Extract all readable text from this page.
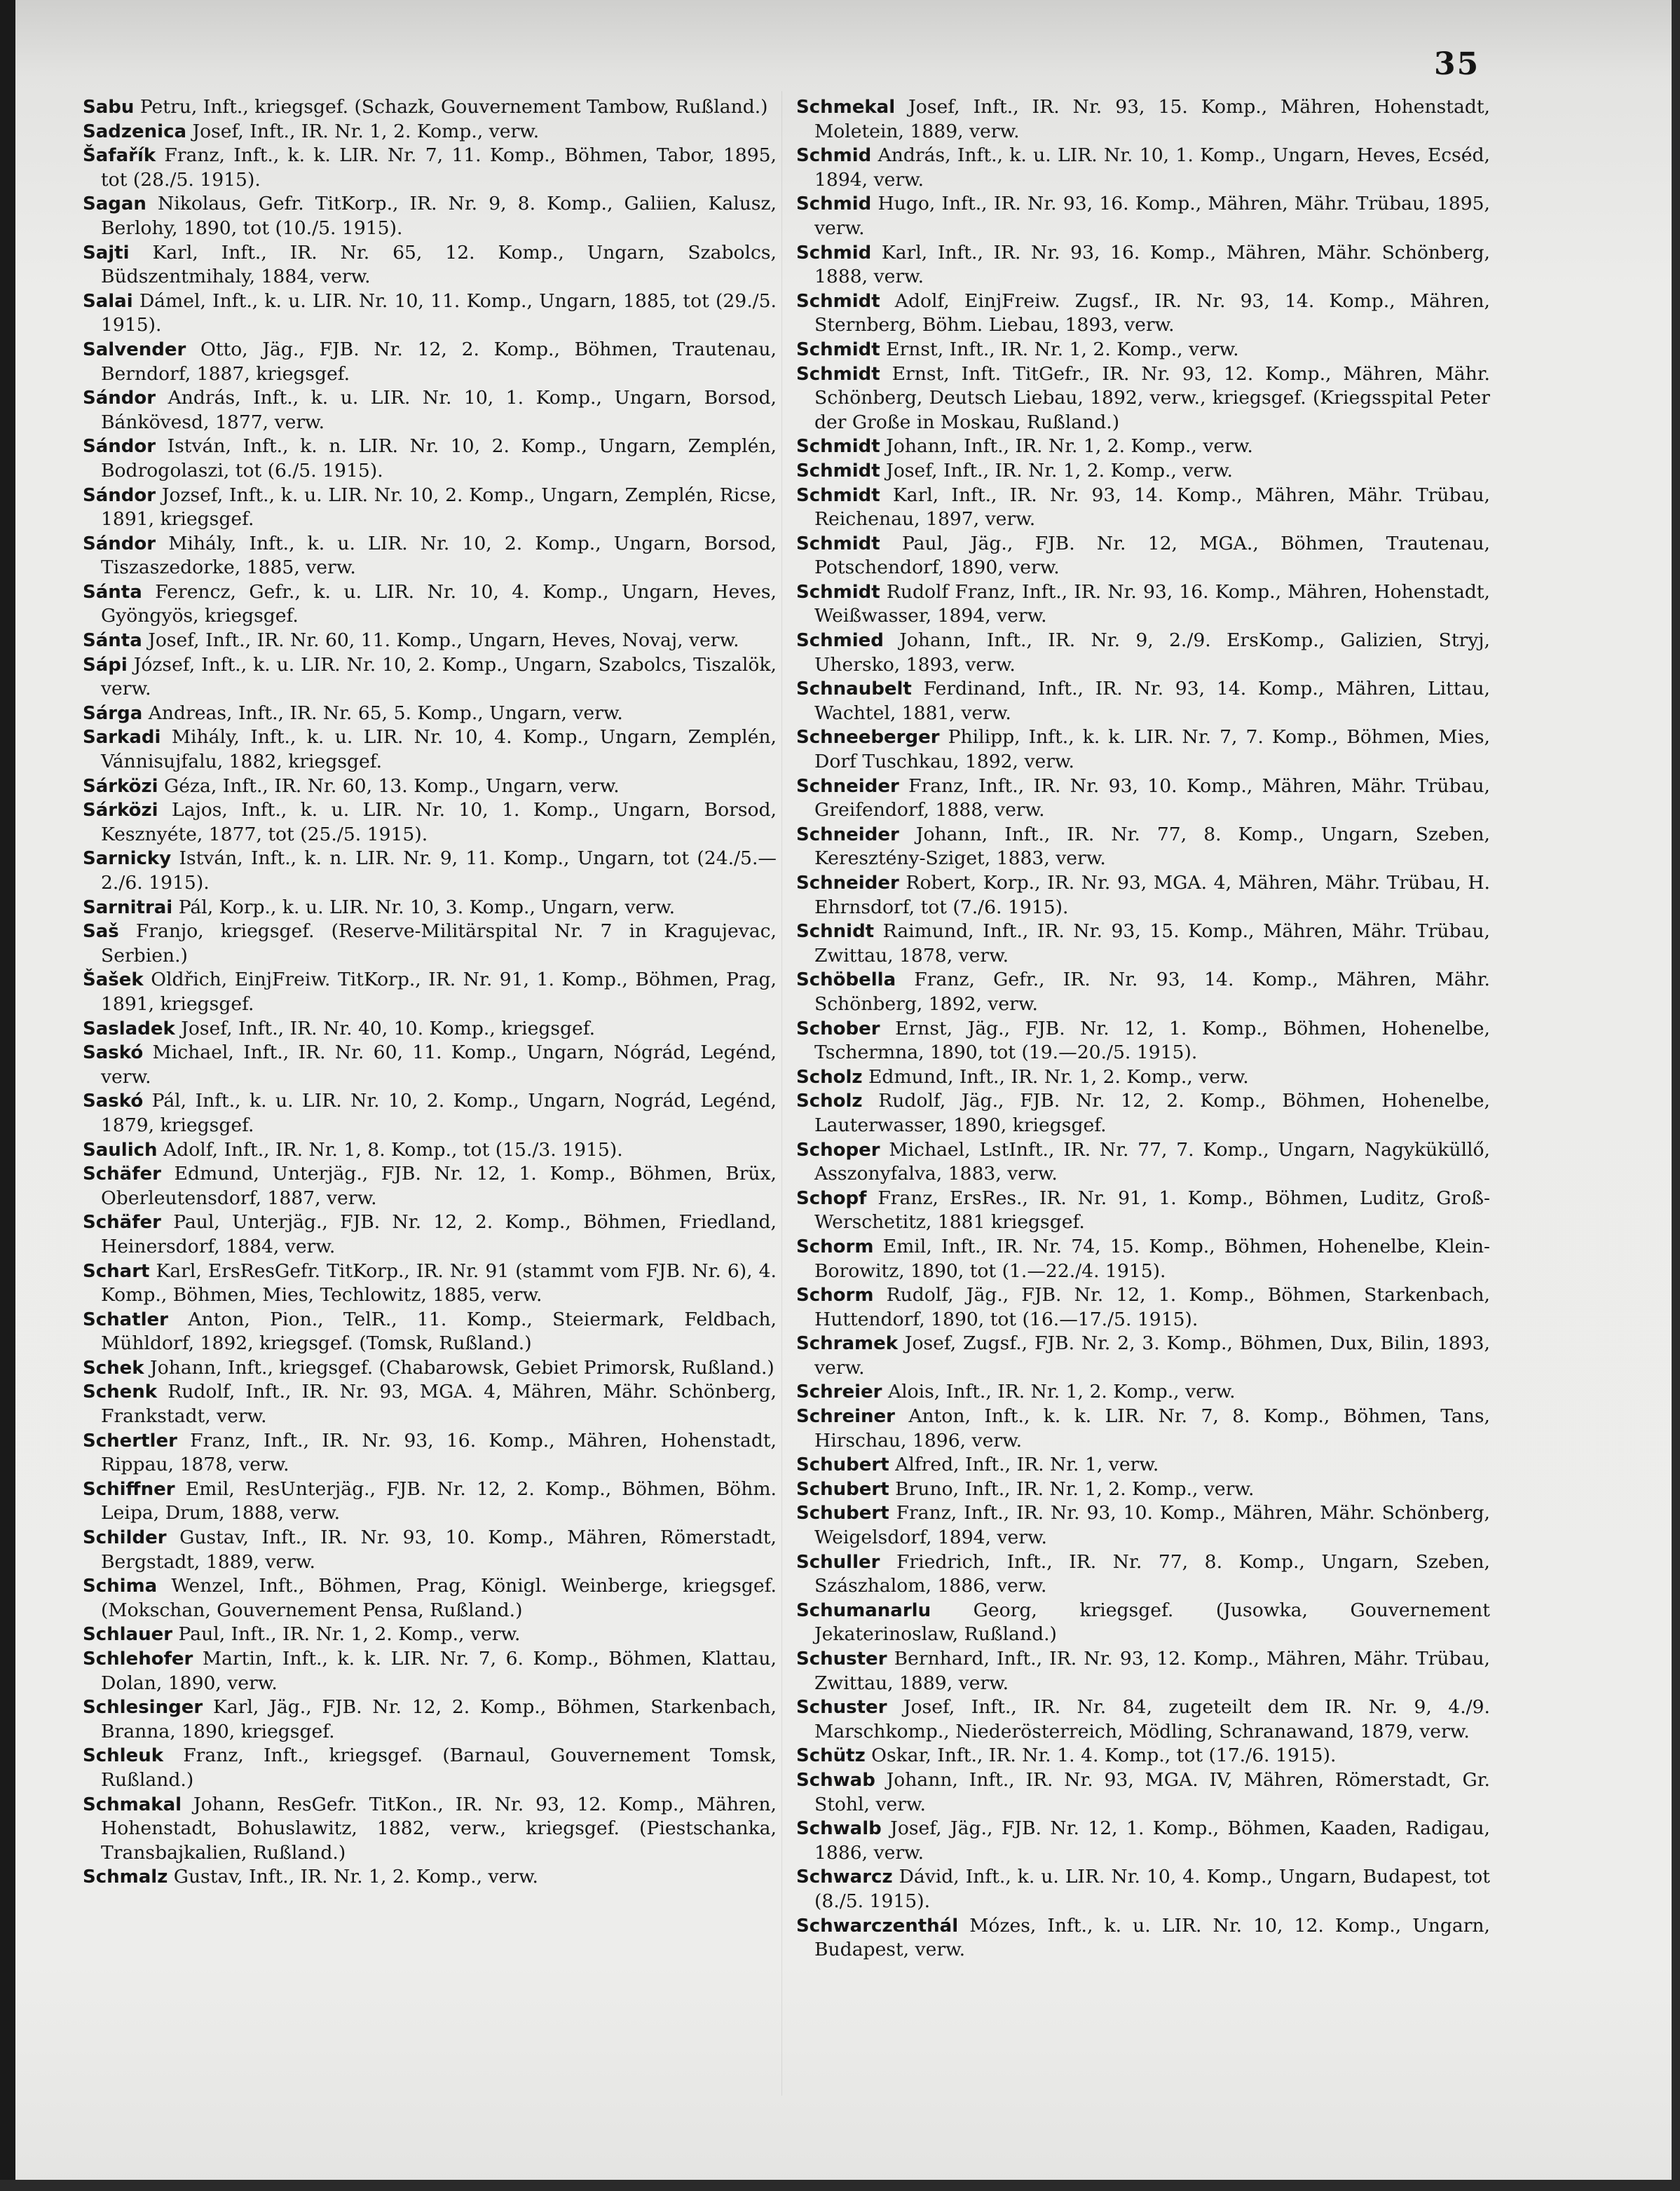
35
Sabu Petru, Inft., kriegsgef. (Schazk, Gouvernement Tambow, Rußland.)
Sadzenica Josef, Inft., IR. Nr. 1, 2. Komp., verw.
Šafařík Franz, Inft., k. k. LIR. Nr. 7, 11. Komp., Böhmen, Tabor, 1895, tot (28./5. 1915).
Sagan Nikolaus, Gefr. TitKorp., IR. Nr. 9, 8. Komp., Galiien, Kalusz, Berlohy, 1890, tot (10./5. 1915).
Sajti Karl, Inft., IR. Nr. 65, 12. Komp., Ungarn, Szabolcs, Büdszentmihaly, 1884, verw.
Salai Dámel, Inft., k. u. LIR. Nr. 10, 11. Komp., Ungarn, 1885, tot (29./5. 1915).
Salvender Otto, Jäg., FJB. Nr. 12, 2. Komp., Böhmen, Trautenau, Berndorf, 1887, kriegsgef.
Sándor András, Inft., k. u. LIR. Nr. 10, 1. Komp., Ungarn, Borsod, Bánkövesd, 1877, verw.
Sándor István, Inft., k. n. LIR. Nr. 10, 2. Komp., Ungarn, Zemplén, Bodrogolaszi, tot (6./5. 1915).
Sándor Jozsef, Inft., k. u. LIR. Nr. 10, 2. Komp., Ungarn, Zemplén, Ricse, 1891, kriegsgef.
Sándor Mihály, Inft., k. u. LIR. Nr. 10, 2. Komp., Ungarn, Borsod, Tiszaszedorke, 1885, verw.
Sánta Ferencz, Gefr., k. u. LIR. Nr. 10, 4. Komp., Ungarn, Heves, Gyöngyös, kriegsgef.
Sánta Josef, Inft., IR. Nr. 60, 11. Komp., Ungarn, Heves, Novaj, verw.
Sápi József, Inft., k. u. LIR. Nr. 10, 2. Komp., Ungarn, Szabolcs, Tiszalök, verw.
Sárga Andreas, Inft., IR. Nr. 65, 5. Komp., Ungarn, verw.
Sarkadi Mihály, Inft., k. u. LIR. Nr. 10, 4. Komp., Ungarn, Zemplén, Vánnisujfalu, 1882, kriegsgef.
Sárközi Géza, Inft., IR. Nr. 60, 13. Komp., Ungarn, verw.
Sárközi Lajos, Inft., k. u. LIR. Nr. 10, 1. Komp., Ungarn, Borsod, Kesznyéte, 1877, tot (25./5. 1915).
Sarnicky István, Inft., k. n. LIR. Nr. 9, 11. Komp., Ungarn, tot (24./5.—2./6. 1915).
Sarnitrai Pál, Korp., k. u. LIR. Nr. 10, 3. Komp., Ungarn, verw.
Saš Franjo, kriegsgef. (Reserve-Militärspital Nr. 7 in Kragujevac, Serbien.)
Šašek Oldřich, EinjFreiw. TitKorp., IR. Nr. 91, 1. Komp., Böhmen, Prag, 1891, kriegsgef.
Sasladek Josef, Inft., IR. Nr. 40, 10. Komp., kriegsgef.
Saskó Michael, Inft., IR. Nr. 60, 11. Komp., Ungarn, Nógrád, Legénd, verw.
Saskó Pál, Inft., k. u. LIR. Nr. 10, 2. Komp., Ungarn, Nográd, Legénd, 1879, kriegsgef.
Saulich Adolf, Inft., IR. Nr. 1, 8. Komp., tot (15./3. 1915).
Schäfer Edmund, Unterjäg., FJB. Nr. 12, 1. Komp., Böhmen, Brüx, Oberleutensdorf, 1887, verw.
Schäfer Paul, Unterjäg., FJB. Nr. 12, 2. Komp., Böhmen, Friedland, Heinersdorf, 1884, verw.
Schart Karl, ErsResGefr. TitKorp., IR. Nr. 91 (stammt vom FJB. Nr. 6), 4. Komp., Böhmen, Mies, Techlowitz, 1885, verw.
Schatler Anton, Pion., TelR., 11. Komp., Steiermark, Feldbach, Mühldorf, 1892, kriegsgef. (Tomsk, Rußland.)
Schek Johann, Inft., kriegsgef. (Chabarowsk, Gebiet Primorsk, Rußland.)
Schenk Rudolf, Inft., IR. Nr. 93, MGA. 4, Mähren, Mähr. Schönberg, Frankstadt, verw.
Schertler Franz, Inft., IR. Nr. 93, 16. Komp., Mähren, Hohenstadt, Rippau, 1878, verw.
Schiffner Emil, ResUnterjäg., FJB. Nr. 12, 2. Komp., Böhmen, Böhm. Leipa, Drum, 1888, verw.
Schilder Gustav, Inft., IR. Nr. 93, 10. Komp., Mähren, Römerstadt, Bergstadt, 1889, verw.
Schima Wenzel, Inft., Böhmen, Prag, Königl. Weinberge, kriegsgef. (Mokschan, Gouvernement Pensa, Rußland.)
Schlauer Paul, Inft., IR. Nr. 1, 2. Komp., verw.
Schlehofer Martin, Inft., k. k. LIR. Nr. 7, 6. Komp., Böhmen, Klattau, Dolan, 1890, verw.
Schlesinger Karl, Jäg., FJB. Nr. 12, 2. Komp., Böhmen, Starkenbach, Branna, 1890, kriegsgef.
Schleuk Franz, Inft., kriegsgef. (Barnaul, Gouvernement Tomsk, Rußland.)
Schmakal Johann, ResGefr. TitKon., IR. Nr. 93, 12. Komp., Mähren, Hohenstadt, Bohuslawitz, 1882, verw., kriegsgef. (Piestschanka, Transbajkalien, Rußland.)
Schmalz Gustav, Inft., IR. Nr. 1, 2. Komp., verw.
Schmekal Josef, Inft., IR. Nr. 93, 15. Komp., Mähren, Hohenstadt, Moletein, 1889, verw.
Schmid András, Inft., k. u. LIR. Nr. 10, 1. Komp., Ungarn, Heves, Ecséd, 1894, verw.
Schmid Hugo, Inft., IR. Nr. 93, 16. Komp., Mähren, Mähr. Trübau, 1895, verw.
Schmid Karl, Inft., IR. Nr. 93, 16. Komp., Mähren, Mähr. Schönberg, 1888, verw.
Schmidt Adolf, EinjFreiw. Zugsf., IR. Nr. 93, 14. Komp., Mähren, Sternberg, Böhm. Liebau, 1893, verw.
Schmidt Ernst, Inft., IR. Nr. 1, 2. Komp., verw.
Schmidt Ernst, Inft. TitGefr., IR. Nr. 93, 12. Komp., Mähren, Mähr. Schönberg, Deutsch Liebau, 1892, verw., kriegsgef. (Kriegsspital Peter der Große in Moskau, Rußland.)
Schmidt Johann, Inft., IR. Nr. 1, 2. Komp., verw.
Schmidt Josef, Inft., IR. Nr. 1, 2. Komp., verw.
Schmidt Karl, Inft., IR. Nr. 93, 14. Komp., Mähren, Mähr. Trübau, Reichenau, 1897, verw.
Schmidt Paul, Jäg., FJB. Nr. 12, MGA., Böhmen, Trautenau, Potschendorf, 1890, verw.
Schmidt Rudolf Franz, Inft., IR. Nr. 93, 16. Komp., Mähren, Hohenstadt, Weißwasser, 1894, verw.
Schmied Johann, Inft., IR. Nr. 9, 2./9. ErsKomp., Galizien, Stryj, Uhersko, 1893, verw.
Schnaubelt Ferdinand, Inft., IR. Nr. 93, 14. Komp., Mähren, Littau, Wachtel, 1881, verw.
Schneeberger Philipp, Inft., k. k. LIR. Nr. 7, 7. Komp., Böhmen, Mies, Dorf Tuschkau, 1892, verw.
Schneider Franz, Inft., IR. Nr. 93, 10. Komp., Mähren, Mähr. Trübau, Greifendorf, 1888, verw.
Schneider Johann, Inft., IR. Nr. 77, 8. Komp., Ungarn, Szeben, Keresztény-Sziget, 1883, verw.
Schneider Robert, Korp., IR. Nr. 93, MGA. 4, Mähren, Mähr. Trübau, H. Ehrnsdorf, tot (7./6. 1915).
Schnidt Raimund, Inft., IR. Nr. 93, 15. Komp., Mähren, Mähr. Trübau, Zwittau, 1878, verw.
Schöbella Franz, Gefr., IR. Nr. 93, 14. Komp., Mähren, Mähr. Schönberg, 1892, verw.
Schober Ernst, Jäg., FJB. Nr. 12, 1. Komp., Böhmen, Hohenelbe, Tschermna, 1890, tot (19.—20./5. 1915).
Scholz Edmund, Inft., IR. Nr. 1, 2. Komp., verw.
Scholz Rudolf, Jäg., FJB. Nr. 12, 2. Komp., Böhmen, Hohenelbe, Lauterwasser, 1890, kriegsgef.
Schoper Michael, LstInft., IR. Nr. 77, 7. Komp., Ungarn, Nagyküküllő, Asszonyfalva, 1883, verw.
Schopf Franz, ErsRes., IR. Nr. 91, 1. Komp., Böhmen, Luditz, Groß-Werschetitz, 1881 kriegsgef.
Schorm Emil, Inft., IR. Nr. 74, 15. Komp., Böhmen, Hohenelbe, Klein-Borowitz, 1890, tot (1.—22./4. 1915).
Schorm Rudolf, Jäg., FJB. Nr. 12, 1. Komp., Böhmen, Starkenbach, Huttendorf, 1890, tot (16.—17./5. 1915).
Schramek Josef, Zugsf., FJB. Nr. 2, 3. Komp., Böhmen, Dux, Bilin, 1893, verw.
Schreier Alois, Inft., IR. Nr. 1, 2. Komp., verw.
Schreiner Anton, Inft., k. k. LIR. Nr. 7, 8. Komp., Böhmen, Tans, Hirschau, 1896, verw.
Schubert Alfred, Inft., IR. Nr. 1, verw.
Schubert Bruno, Inft., IR. Nr. 1, 2. Komp., verw.
Schubert Franz, Inft., IR. Nr. 93, 10. Komp., Mähren, Mähr. Schönberg, Weigelsdorf, 1894, verw.
Schuller Friedrich, Inft., IR. Nr. 77, 8. Komp., Ungarn, Szeben, Szászhalom, 1886, verw.
Schumanarlu Georg, kriegsgef. (Jusowka, Gouvernement Jekaterinoslaw, Rußland.)
Schuster Bernhard, Inft., IR. Nr. 93, 12. Komp., Mähren, Mähr. Trübau, Zwittau, 1889, verw.
Schuster Josef, Inft., IR. Nr. 84, zugeteilt dem IR. Nr. 9, 4./9. Marschkomp., Niederösterreich, Mödling, Schranawand, 1879, verw.
Schütz Oskar, Inft., IR. Nr. 1. 4. Komp., tot (17./6. 1915).
Schwab Johann, Inft., IR. Nr. 93, MGA. IV, Mähren, Römerstadt, Gr. Stohl, verw.
Schwalb Josef, Jäg., FJB. Nr. 12, 1. Komp., Böhmen, Kaaden, Radigau, 1886, verw.
Schwarcz Dávid, Inft., k. u. LIR. Nr. 10, 4. Komp., Ungarn, Budapest, tot (8./5. 1915).
Schwarczenthál Mózes, Inft., k. u. LIR. Nr. 10, 12. Komp., Ungarn, Budapest, verw.
